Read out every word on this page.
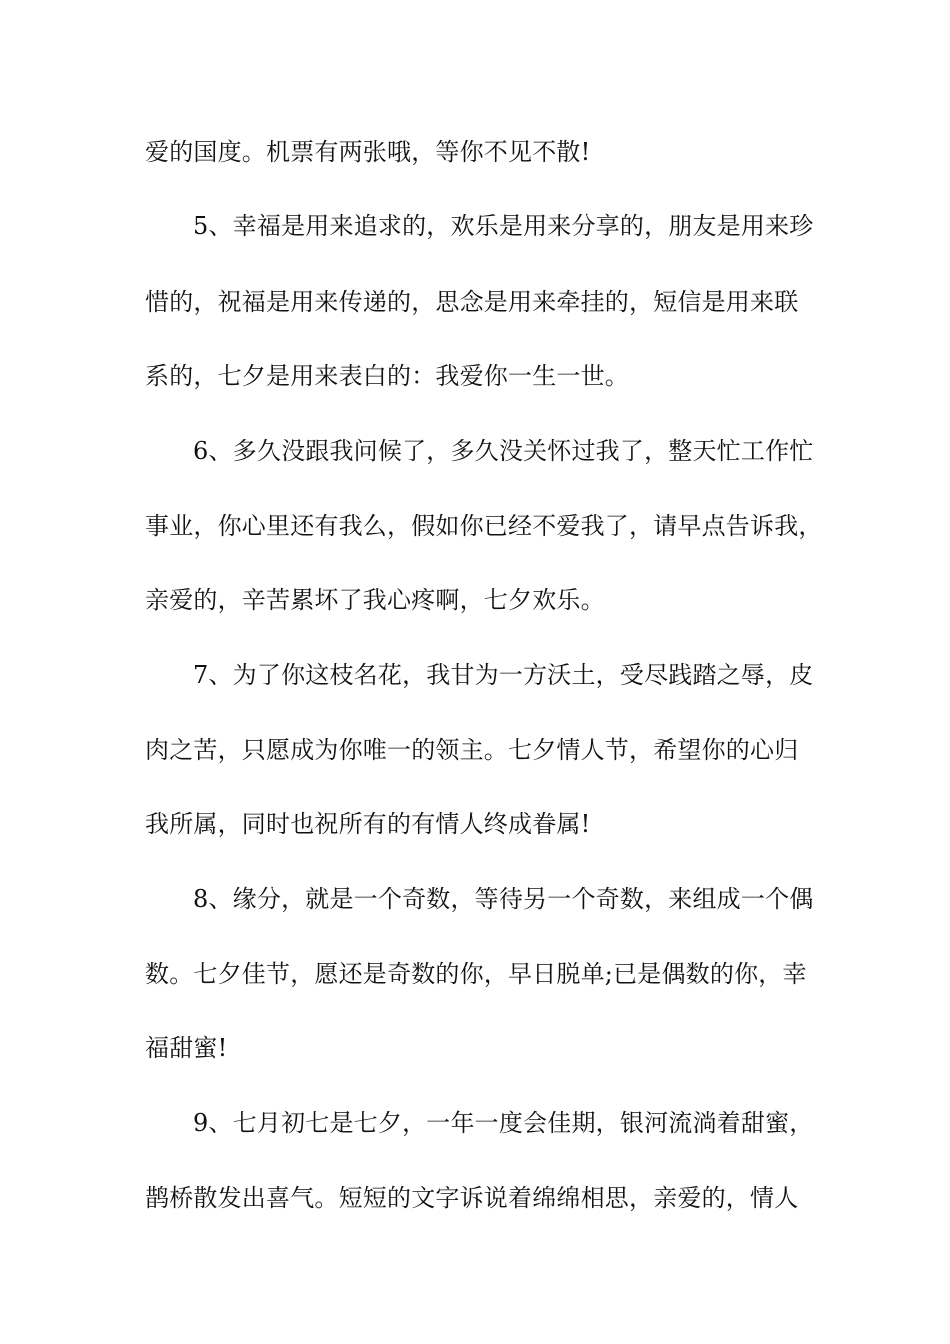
爱的国度。机票有两张哦，等你不见不散!
5、幸福是用来追求的，欢乐是用来分享的，朋友是用来珍
惜的，祝福是用来传递的，思念是用来牵挂的，短信是用来联
系的，七夕是用来表白的：我爱你一生一世。
6、多久没跟我问候了，多久没关怀过我了，整天忙工作忙
事业，你心里还有我么，假如你已经不爱我了，请早点告诉我，
亲爱的，辛苦累坏了我心疼啊，七夕欢乐。
7、为了你这枝名花，我甘为一方沃土，受尽践踏之辱，皮
肉之苦，只愿成为你唯一的领主。七夕情人节，希望你的心归
我所属，同时也祝所有的有情人终成眷属!
8、缘分，就是一个奇数，等待另一个奇数，来组成一个偶
数。七夕佳节，愿还是奇数的你，早日脱单;已是偶数的你，幸
福甜蜜!
9、七月初七是七夕，一年一度会佳期，银河流淌着甜蜜，
鹊桥散发出喜气。短短的文字诉说着绵绵相思，亲爱的，情人
